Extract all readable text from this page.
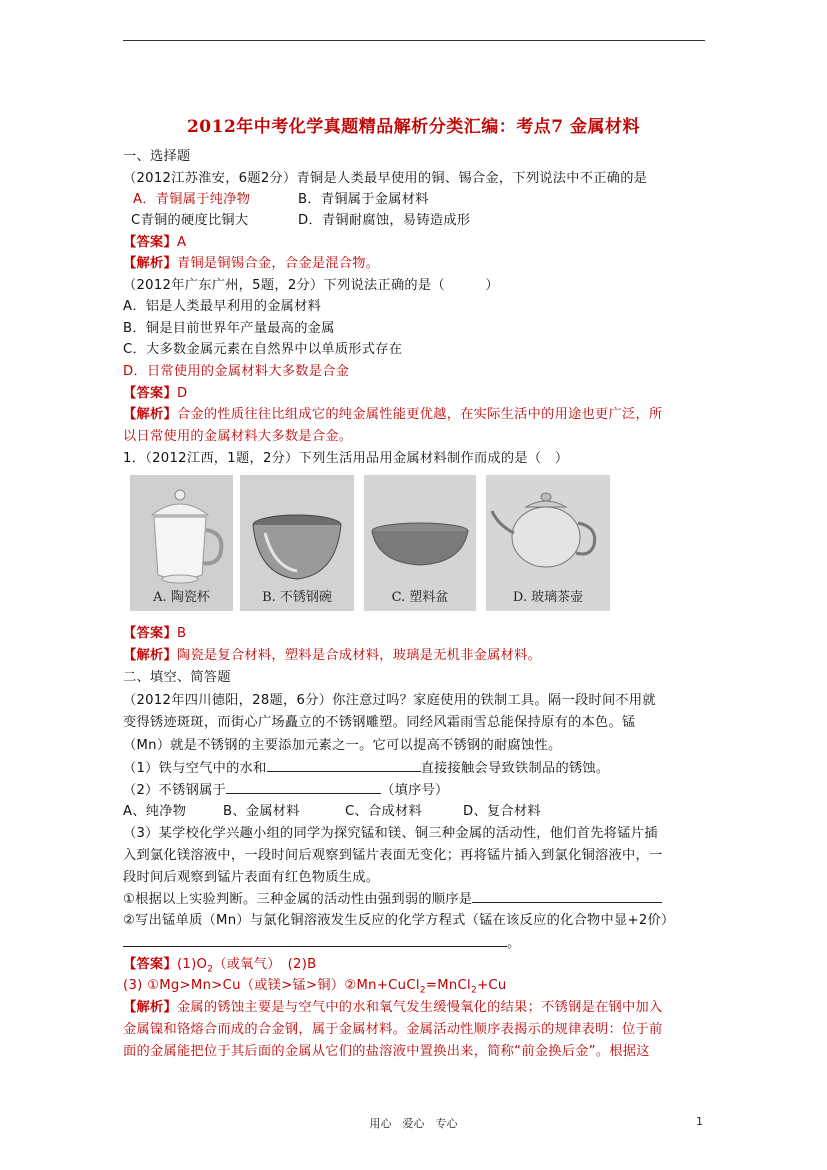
2012年中考化学真题精品解析分类汇编：考点7 金属材料
一、选择题
（2012江苏淮安，6题2分）青铜是人类最早使用的铜、锡合金，下列说法中不正确的是
A．青铜属于纯净物	B．青铜属于金属材料
C青铜的硬度比铜大	D．青铜耐腐蚀，易铸造成形
【答案】A
【解析】青铜是铜锡合金，合金是混合物。
（2012年广东广州，5题，2分）下列说法正确的是（　　　）
A．铝是人类最早利用的金属材料
B．铜是目前世界年产量最高的金属
C．大多数金属元素在自然界中以单质形式存在
D．日常使用的金属材料大多数是合金
【答案】D
【解析】合金的性质往往比组成它的纯金属性能更优越，在实际生活中的用途也更广泛，所
以日常使用的金属材料大多数是合金。
1．（2012江西，1题，2分）下列生活用品用金属材料制作而成的是（　）
A. 陶瓷杯	B. 不锈钢碗	C. 塑料盆	D. 玻璃茶壶
【答案】B
【解析】陶瓷是复合材料，塑料是合成材料，玻璃是无机非金属材料。
二、填空、简答题
（2012年四川德阳，28题，6分）你注意过吗？家庭使用的铁制工具。隔一段时间不用就
变得锈迹斑斑，而街心广场矗立的不锈钢雕塑。同经风霜雨雪总能保持原有的本色。锰
（Mn）就是不锈钢的主要添加元素之一。它可以提高不锈钢的耐腐蚀性。
（1）铁与空气中的水和	直接接触会导致铁制品的锈蚀。
（2）不锈钢属于	（填序号）
A、纯净物	B、金属材料	C、合成材料	D、复合材料
（3）某学校化学兴趣小组的同学为探究锰和镁、铜三种金属的活动性，他们首先将锰片插
入到氯化镁溶液中，一段时间后观察到锰片表面无变化；再将锰片插入到氯化铜溶液中，一
段时间后观察到锰片表面有红色物质生成。
①根据以上实验判断。三种金属的活动性由强到弱的顺序是
②写出锰单质（Mn）与氯化铜溶液发生反应的化学方程式（锰在该反应的化合物中显+2价）
。
【答案】$(1)O_2$（或氧气）　(2)B
(3) ①Mg>Mn>Cu（或镁>锰>铜）②Mn+CuCl$_2$=MnCl$_2$+Cu
【解析】金属的锈蚀主要是与空气中的水和氧气发生缓慢氧化的结果；不锈钢是在钢中加入
金属镍和铬熔合而成的合金钢，属于金属材料。金属活动性顺序表揭示的规律表明：位于前
面的金属能把位于其后面的金属从它们的盐溶液中置换出来，简称“前金换后金”。根据这
用心　爱心　专心	1
